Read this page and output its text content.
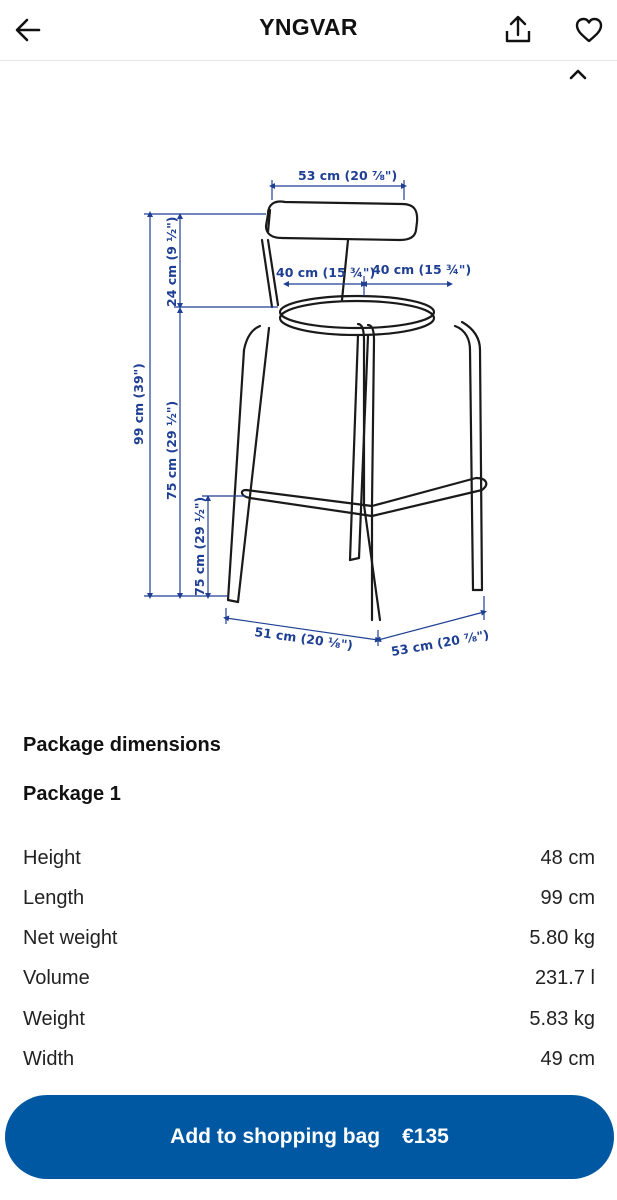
YNGVAR
53 cm (20 ⅞")
40 cm (15 ¾")
40 cm (15 ¾")
99 cm (39")
24 cm (9 ½")
75 cm (29 ½")
75 cm (29 ½")
51 cm (20 ⅛")	53 cm (20 ⅞")
Package dimensions
Package 1
Height	48 cm
Length	99 cm
Net weight	5.80 kg
Volume	231.7 l
Weight	5.83 kg
Width	49 cm
Add to shopping bag €135
